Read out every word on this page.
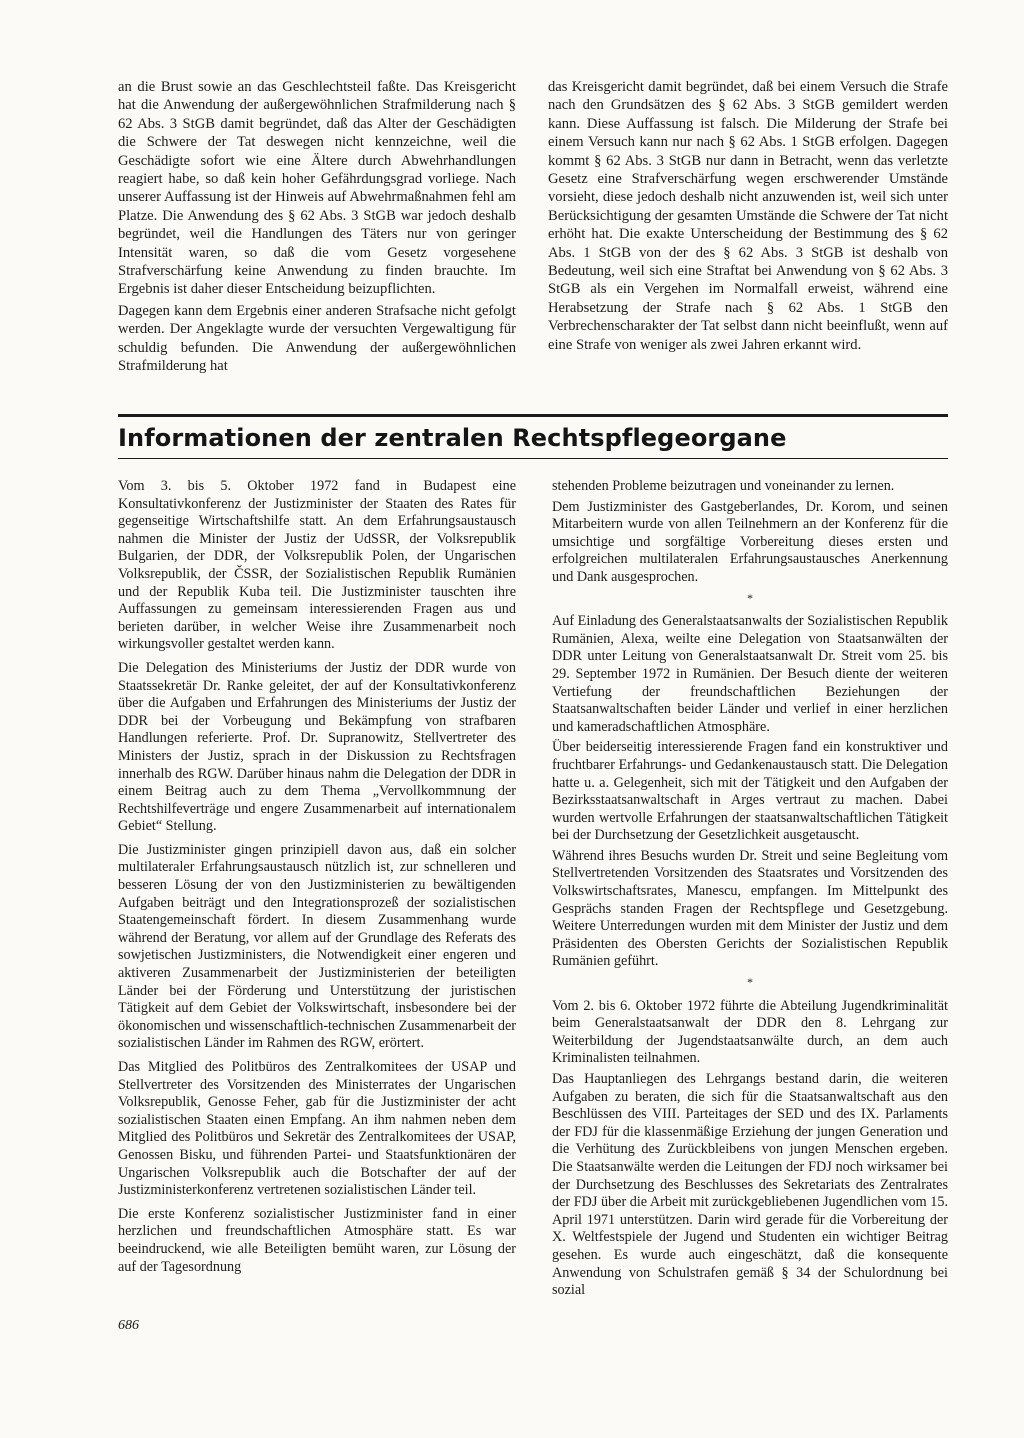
an die Brust sowie an das Geschlechtsteil faßte. Das Kreisgericht hat die Anwendung der außergewöhnlichen Strafmilderung nach § 62 Abs. 3 StGB damit begründet, daß das Alter der Geschädigten die Schwere der Tat deswegen nicht kennzeichne, weil die Geschädigte sofort wie eine Ältere durch Abwehrhandlungen reagiert habe, so daß kein hoher Gefährdungsgrad vorliege. Nach unserer Auffassung ist der Hinweis auf Abwehrmaßnahmen fehl am Platze. Die Anwendung des § 62 Abs. 3 StGB war jedoch deshalb begründet, weil die Handlungen des Täters nur von geringer Intensität waren, so daß die vom Gesetz vorgesehene Strafverschärfung keine Anwendung zu finden brauchte. Im Ergebnis ist daher dieser Entscheidung beizupflichten.

Dagegen kann dem Ergebnis einer anderen Strafsache nicht gefolgt werden. Der Angeklagte wurde der versuchten Vergewaltigung für schuldig befunden. Die Anwendung der außergewöhnlichen Strafmilderung hat

das Kreisgericht damit begründet, daß bei einem Versuch die Strafe nach den Grundsätzen des § 62 Abs. 3 StGB gemildert werden kann. Diese Auffassung ist falsch. Die Milderung der Strafe bei einem Versuch kann nur nach § 62 Abs. 1 StGB erfolgen. Dagegen kommt § 62 Abs. 3 StGB nur dann in Betracht, wenn das verletzte Gesetz eine Strafverschärfung wegen erschwerender Umstände vorsieht, diese jedoch deshalb nicht anzuwenden ist, weil sich unter Berücksichtigung der gesamten Umstände die Schwere der Tat nicht erhöht hat. Die exakte Unterscheidung der Bestimmung des § 62 Abs. 1 StGB von der des § 62 Abs. 3 StGB ist deshalb von Bedeutung, weil sich eine Straftat bei Anwendung von § 62 Abs. 3 StGB als ein Vergehen im Normalfall erweist, während eine Herabsetzung der Strafe nach § 62 Abs. 1 StGB den Verbrechenscharakter der Tat selbst dann nicht beeinflußt, wenn auf eine Strafe von weniger als zwei Jahren erkannt wird.

Informationen der zentralen Rechtspflegeorgane

Vom 3. bis 5. Oktober 1972 fand in Budapest eine Konsultativkonferenz der Justizminister der Staaten des Rates für gegenseitige Wirtschaftshilfe statt. An dem Erfahrungsaustausch nahmen die Minister der Justiz der UdSSR, der Volksrepublik Bulgarien, der DDR, der Volksrepublik Polen, der Ungarischen Volksrepublik, der ČSSR, der Sozialistischen Republik Rumänien und der Republik Kuba teil. Die Justizminister tauschten ihre Auffassungen zu gemeinsam interessierenden Fragen aus und berieten darüber, in welcher Weise ihre Zusammenarbeit noch wirkungsvoller gestaltet werden kann.

Die Delegation des Ministeriums der Justiz der DDR wurde von Staatssekretär Dr. Ranke geleitet, der auf der Konsultativkonferenz über die Aufgaben und Erfahrungen des Ministeriums der Justiz der DDR bei der Vorbeugung und Bekämpfung von strafbaren Handlungen referierte. Prof. Dr. Supranowitz, Stellvertreter des Ministers der Justiz, sprach in der Diskussion zu Rechtsfragen innerhalb des RGW. Darüber hinaus nahm die Delegation der DDR in einem Beitrag auch zu dem Thema „Vervollkommnung der Rechtshilfeverträge und engere Zusammenarbeit auf internationalem Gebiet“ Stellung.

Die Justizminister gingen prinzipiell davon aus, daß ein solcher multilateraler Erfahrungsaustausch nützlich ist, zur schnelleren und besseren Lösung der von den Justizministerien zu bewältigenden Aufgaben beiträgt und den Integrationsprozeß der sozialistischen Staatengemeinschaft fördert. In diesem Zusammenhang wurde während der Beratung, vor allem auf der Grundlage des Referats des sowjetischen Justizministers, die Notwendigkeit einer engeren und aktiveren Zusammenarbeit der Justizministerien der beteiligten Länder bei der Förderung und Unterstützung der juristischen Tätigkeit auf dem Gebiet der Volkswirtschaft, insbesondere bei der ökonomischen und wissenschaftlich-technischen Zusammenarbeit der sozialistischen Länder im Rahmen des RGW, erörtert.

Das Mitglied des Politbüros des Zentralkomitees der USAP und Stellvertreter des Vorsitzenden des Ministerrates der Ungarischen Volksrepublik, Genosse Feher, gab für die Justizminister der acht sozialistischen Staaten einen Empfang. An ihm nahmen neben dem Mitglied des Politbüros und Sekretär des Zentralkomitees der USAP, Genossen Bisku, und führenden Partei- und Staatsfunktionären der Ungarischen Volksrepublik auch die Botschafter der auf der Justizministerkonferenz vertretenen sozialistischen Länder teil.

Die erste Konferenz sozialistischer Justizminister fand in einer herzlichen und freundschaftlichen Atmosphäre statt. Es war beeindruckend, wie alle Beteiligten bemüht waren, zur Lösung der auf der Tagesordnung

stehenden Probleme beizutragen und voneinander zu lernen.

Dem Justizminister des Gastgeberlandes, Dr. Korom, und seinen Mitarbeitern wurde von allen Teilnehmern an der Konferenz für die umsichtige und sorgfältige Vorbereitung dieses ersten und erfolgreichen multilateralen Erfahrungsaustausches Anerkennung und Dank ausgesprochen.

*

Auf Einladung des Generalstaatsanwalts der Sozialistischen Republik Rumänien, Alexa, weilte eine Delegation von Staatsanwälten der DDR unter Leitung von Generalstaatsanwalt Dr. Streit vom 25. bis 29. September 1972 in Rumänien. Der Besuch diente der weiteren Vertiefung der freundschaftlichen Beziehungen der Staatsanwaltschaften beider Länder und verlief in einer herzlichen und kameradschaftlichen Atmosphäre.

Über beiderseitig interessierende Fragen fand ein konstruktiver und fruchtbarer Erfahrungs- und Gedankenaustausch statt. Die Delegation hatte u. a. Gelegenheit, sich mit der Tätigkeit und den Aufgaben der Bezirksstaatsanwaltschaft in Arges vertraut zu machen. Dabei wurden wertvolle Erfahrungen der staatsanwaltschaftlichen Tätigkeit bei der Durchsetzung der Gesetzlichkeit ausgetauscht.

Während ihres Besuchs wurden Dr. Streit und seine Begleitung vom Stellvertretenden Vorsitzenden des Staatsrates und Vorsitzenden des Volkswirtschaftsrates, Manescu, empfangen. Im Mittelpunkt des Gesprächs standen Fragen der Rechtspflege und Gesetzgebung. Weitere Unterredungen wurden mit dem Minister der Justiz und dem Präsidenten des Obersten Gerichts der Sozialistischen Republik Rumänien geführt.

*

Vom 2. bis 6. Oktober 1972 führte die Abteilung Jugendkriminalität beim Generalstaatsanwalt der DDR den 8. Lehrgang zur Weiterbildung der Jugendstaatsanwälte durch, an dem auch Kriminalisten teilnahmen.

Das Hauptanliegen des Lehrgangs bestand darin, die weiteren Aufgaben zu beraten, die sich für die Staatsanwaltschaft aus den Beschlüssen des VIII. Parteitages der SED und des IX. Parlaments der FDJ für die klassenmäßige Erziehung der jungen Generation und die Verhütung des Zurückbleibens von jungen Menschen ergeben. Die Staatsanwälte werden die Leitungen der FDJ noch wirksamer bei der Durchsetzung des Beschlusses des Sekretariats des Zentralrates der FDJ über die Arbeit mit zurückgebliebenen Jugendlichen vom 15. April 1971 unterstützen. Darin wird gerade für die Vorbereitung der X. Weltfestspiele der Jugend und Studenten ein wichtiger Beitrag gesehen. Es wurde auch eingeschätzt, daß die konsequente Anwendung von Schulstrafen gemäß § 34 der Schulordnung bei sozial

686
